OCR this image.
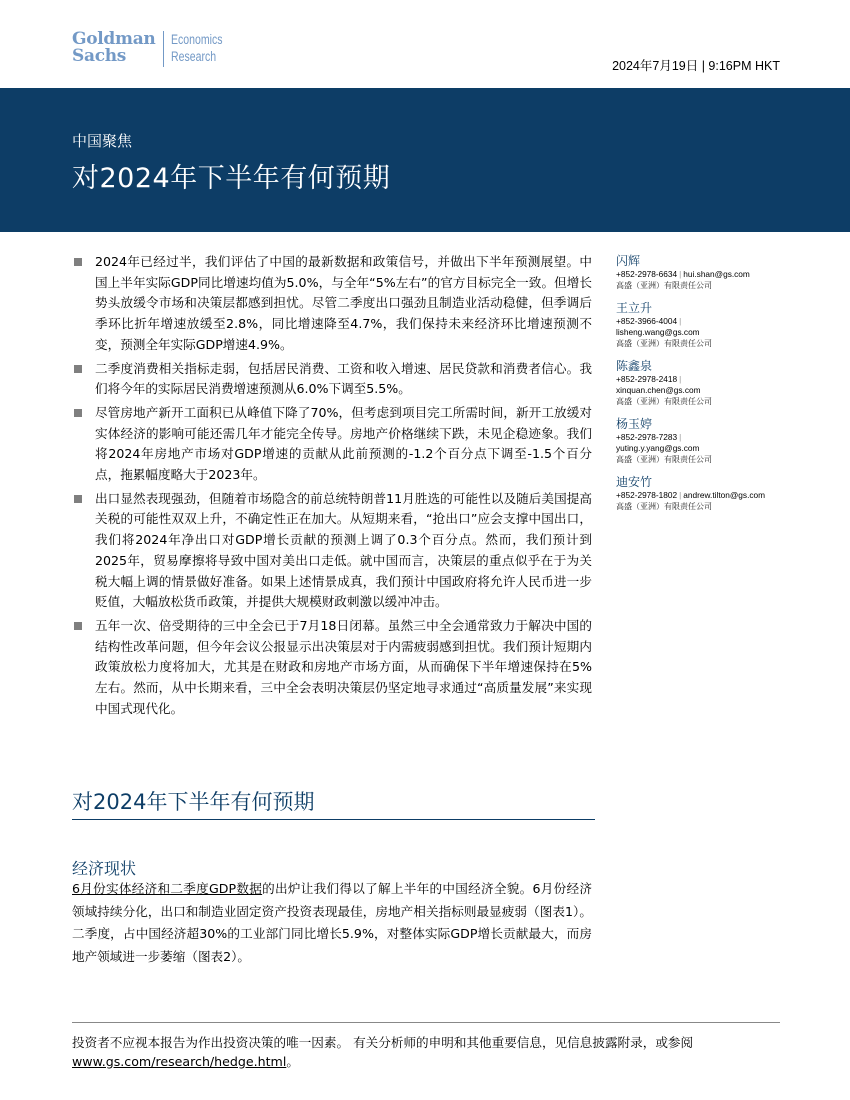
Goldman
Sachs
Economics
Research
2024年7月19日 | 9:16PM HKT
中国聚焦
对2024年下半年有何预期
2024年已经过半，我们评估了中国的最新数据和政策信号，并做出下半年预测展望。中国上半年实际GDP同比增速均值为5.0%，与全年“5%左右”的官方目标完全一致。但增长势头放缓令市场和决策层都感到担忧。尽管二季度出口强劲且制造业活动稳健，但季调后季环比折年增速放缓至2.8%，同比增速降至4.7%，我们保持未来经济环比增速预测不变，预测全年实际GDP增速4.9%。
二季度消费相关指标走弱，包括居民消费、工资和收入增速、居民贷款和消费者信心。我们将今年的实际居民消费增速预测从6.0%下调至5.5%。
尽管房地产新开工面积已从峰值下降了70%，但考虑到项目完工所需时间，新开工放缓对实体经济的影响可能还需几年才能完全传导。房地产价格继续下跌，未见企稳迹象。我们将2024年房地产市场对GDP增速的贡献从此前预测的-1.2个百分点下调至-1.5个百分点，拖累幅度略大于2023年。
出口显然表现强劲，但随着市场隐含的前总统特朗普11月胜选的可能性以及随后美国提高关税的可能性双双上升，不确定性正在加大。从短期来看，“抢出口”应会支撑中国出口，我们将2024年净出口对GDP增长贡献的预测上调了0.3个百分点。然而，我们预计到2025年，贸易摩擦将导致中国对美出口走低。就中国而言，决策层的重点似乎在于为关税大幅上调的情景做好准备。如果上述情景成真，我们预计中国政府将允许人民币进一步贬值，大幅放松货币政策，并提供大规模财政刺激以缓冲冲击。
五年一次、倍受期待的三中全会已于7月18日闭幕。虽然三中全会通常致力于解决中国的结构性改革问题，但今年会议公报显示出决策层对于内需疲弱感到担忧。我们预计短期内政策放松力度将加大，尤其是在财政和房地产市场方面，从而确保下半年增速保持在5%左右。然而，从中长期来看，三中全会表明决策层仍坚定地寻求通过“高质量发展”来实现中国式现代化。
闪辉
+852-2978-6634 | hui.shan@gs.com
高盛（亚洲）有限责任公司
王立升
+852-3966-4004 |
lisheng.wang@gs.com
高盛（亚洲）有限责任公司
陈鑫泉
+852-2978-2418 |
xinquan.chen@gs.com
高盛（亚洲）有限责任公司
杨玉婷
+852-2978-7283 |
yuting.y.yang@gs.com
高盛（亚洲）有限责任公司
迪安竹
+852-2978-1802 | andrew.tilton@gs.com
高盛（亚洲）有限责任公司
对2024年下半年有何预期
经济现状
6月份实体经济和二季度GDP数据的出炉让我们得以了解上半年的中国经济全貌。6月份经济领域持续分化，出口和制造业固定资产投资表现最佳，房地产相关指标则最显疲弱（图表1）。二季度，占中国经济超30%的工业部门同比增长5.9%，对整体实际GDP增长贡献最大，而房地产领域进一步萎缩（图表2）。
投资者不应视本报告为作出投资决策的唯一因素。 有关分析师的申明和其他重要信息，见信息披露附录，或参阅www.gs.com/research/hedge.html。
